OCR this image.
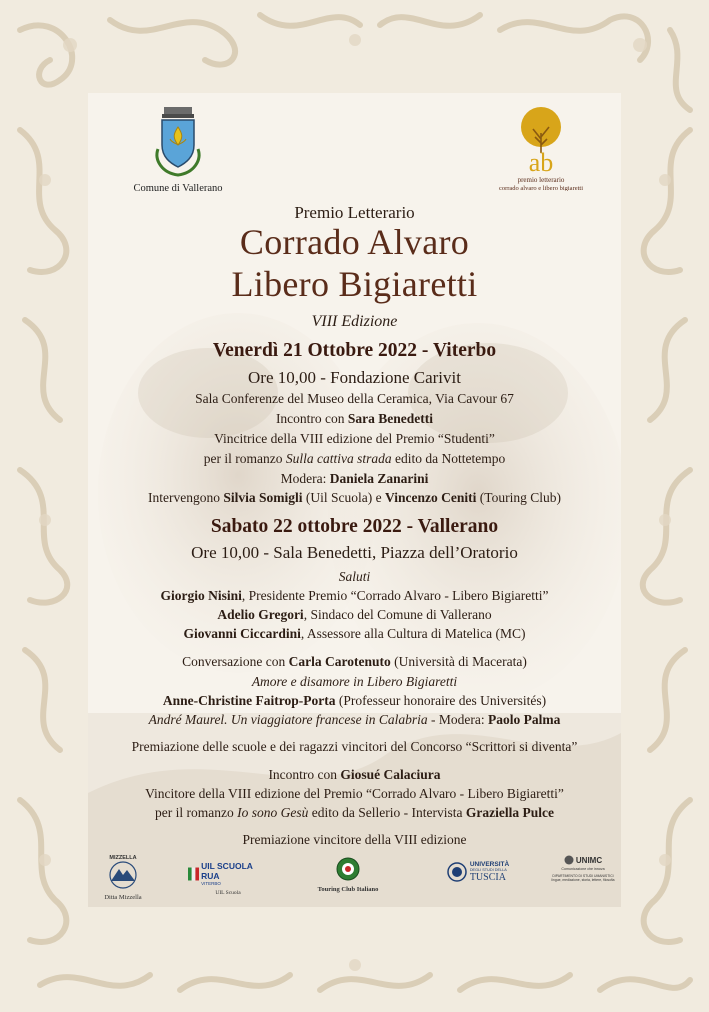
Comune di Vallerano
ab
premio letterario
corrado alvaro e libero bigiaretti
Premio Letterario
Corrado Alvaro
Libero Bigiaretti
VIII Edizione
Venerdì 21 Ottobre 2022 - Viterbo
Ore 10,00 - Fondazione Carivit
Sala Conferenze del Museo della Ceramica, Via Cavour 67
Incontro con Sara Benedetti
Vincitrice della VIII edizione del Premio “Studenti”
per il romanzo Sulla cattiva strada edito da Nottetempo
Modera: Daniela Zanarini
Intervengono Silvia Somigli (Uil Scuola) e Vincenzo Ceniti (Touring Club)
Sabato 22 ottobre 2022 - Vallerano
Ore 10,00 - Sala Benedetti, Piazza dell’Oratorio
Saluti
Giorgio Nisini, Presidente Premio “Corrado Alvaro - Libero Bigiaretti”
Adelio Gregori, Sindaco del Comune di Vallerano
Giovanni Ciccardini, Assessore alla Cultura di Matelica (MC)
Conversazione con Carla Carotenuto (Università di Macerata)
Amore e disamore in Libero Bigiaretti
Anne-Christine Faitrop-Porta (Professeur honoraire des Universités)
André Maurel. Un viaggiatore francese in Calabria - Modera: Paolo Palma
Premiazione delle scuole e dei ragazzi vincitori del Concorso “Scrittori si diventa”
Incontro con Giosué Calaciura
Vincitore della VIII edizione del Premio “Corrado Alvaro - Libero Bigiaretti”
per il romanzo Io sono Gesù edito da Sellerio - Intervista Graziella Pulce
Premiazione vincitore della VIII edizione
MIZZELLA
Ditta Mizzella
UIL SCUOLA RUA
VITERBO
UIL Scuola	Touring Club Italiano
UNIVERSITÀ
DEGLI STUDI DELLA
TUSCIA
UNIMC
Comunicazione che innova
DIPARTIMENTO DI STUDI UMANISTICI
lingue, mediazione, storia, lettere, filosofia
